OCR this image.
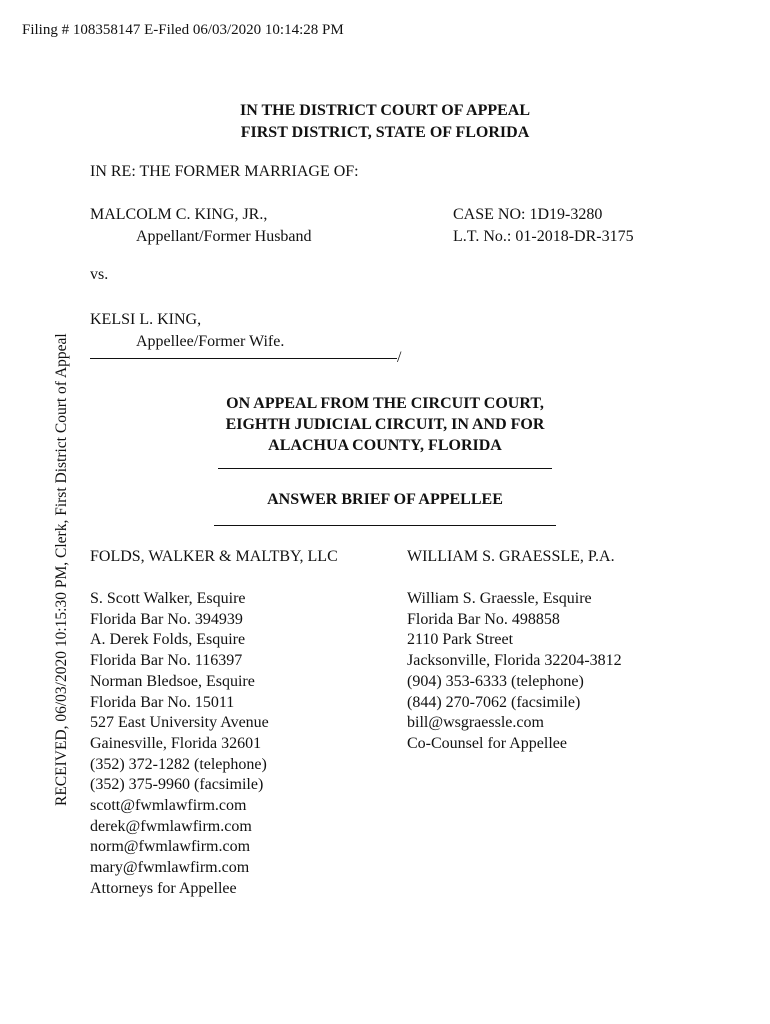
Filing # 108358147 E-Filed 06/03/2020 10:14:28 PM
RECEIVED, 06/03/2020 10:15:30 PM, Clerk, First District Court of Appeal
IN THE DISTRICT COURT OF APPEAL
FIRST DISTRICT, STATE OF FLORIDA
IN RE: THE FORMER MARRIAGE OF:
MALCOLM C. KING, JR.,
Appellant/Former Husband
CASE NO: 1D19-3280
L.T. No.: 01-2018-DR-3175
vs.
KELSI L. KING,
Appellee/Former Wife.
/
ON APPEAL FROM THE CIRCUIT COURT,
EIGHTH JUDICIAL CIRCUIT, IN AND FOR
ALACHUA COUNTY, FLORIDA
ANSWER BRIEF OF APPELLEE
FOLDS, WALKER & MALTBY, LLC	WILLIAM S. GRAESSLE, P.A.
S. Scott Walker, Esquire
Florida Bar No. 394939
A. Derek Folds, Esquire
Florida Bar No. 116397
Norman Bledsoe, Esquire
Florida Bar No. 15011
527 East University Avenue
Gainesville, Florida 32601
(352) 372-1282 (telephone)
(352) 375-9960 (facsimile)
scott@fwmlawfirm.com
derek@fwmlawfirm.com
norm@fwmlawfirm.com
mary@fwmlawfirm.com
Attorneys for Appellee
William S. Graessle, Esquire
Florida Bar No. 498858
2110 Park Street
Jacksonville, Florida 32204-3812
(904) 353-6333 (telephone)
(844) 270-7062 (facsimile)
bill@wsgraessle.com
Co-Counsel for Appellee
